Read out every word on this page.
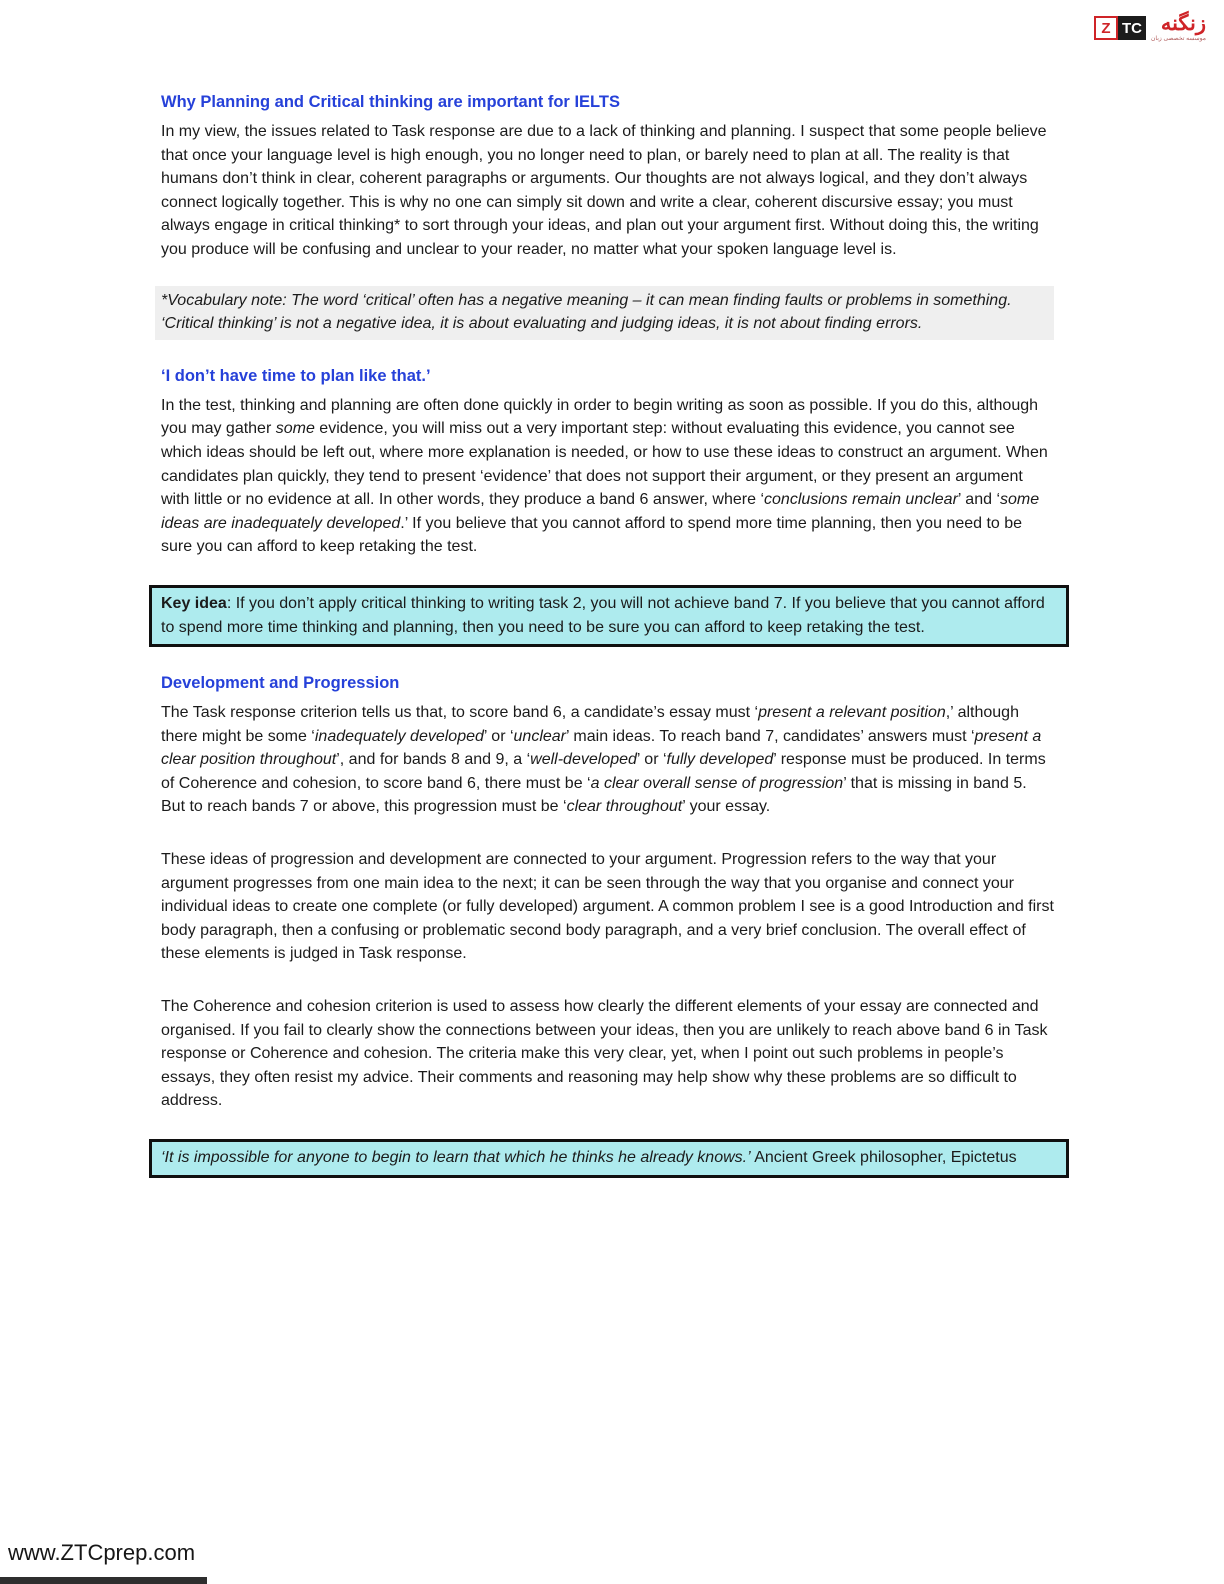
Z TC زنگنه
موسسه تخصصی زبان
Why Planning and Critical thinking are important for IELTS

In my view, the issues related to Task response are due to a lack of thinking and planning. I suspect that some people believe that once your language level is high enough, you no longer need to plan, or barely need to plan at all. The reality is that humans don’t think in clear, coherent paragraphs or arguments. Our thoughts are not always logical, and they don’t always connect logically together. This is why no one can simply sit down and write a clear, coherent discursive essay; you must always engage in critical thinking* to sort through your ideas, and plan out your argument first. Without doing this, the writing you produce will be confusing and unclear to your reader, no matter what your spoken language level is.

*Vocabulary note: The word ‘critical’ often has a negative meaning – it can mean finding faults or problems in something. ‘Critical thinking’ is not a negative idea, it is about evaluating and judging ideas, it is not about finding errors.
‘I don’t have time to plan like that.’

In the test, thinking and planning are often done quickly in order to begin writing as soon as possible. If you do this, although you may gather some evidence, you will miss out a very important step: without evaluating this evidence, you cannot see which ideas should be left out, where more explanation is needed, or how to use these ideas to construct an argument. When candidates plan quickly, they tend to present ‘evidence’ that does not support their argument, or they present an argument with little or no evidence at all. In other words, they produce a band 6 answer, where ‘conclusions remain unclear’ and ‘some ideas are inadequately developed.’ If you believe that you cannot afford to spend more time planning, then you need to be sure you can afford to keep retaking the test.

Key idea: If you don’t apply critical thinking to writing task 2, you will not achieve band 7. If you believe that you cannot afford to spend more time thinking and planning, then you need to be sure you can afford to keep retaking the test.
Development and Progression

The Task response criterion tells us that, to score band 6, a candidate’s essay must ‘present a relevant position,’ although there might be some ‘inadequately developed’ or ‘unclear’ main ideas. To reach band 7, candidates’ answers must ‘present a clear position throughout’, and for bands 8 and 9, a ‘well-developed’ or ‘fully developed’ response must be produced. In terms of Coherence and cohesion, to score band 6, there must be ‘a clear overall sense of progression’ that is missing in band 5. But to reach bands 7 or above, this progression must be ‘clear throughout’ your essay.

These ideas of progression and development are connected to your argument. Progression refers to the way that your argument progresses from one main idea to the next; it can be seen through the way that you organise and connect your individual ideas to create one complete (or fully developed) argument. A common problem I see is a good Introduction and first body paragraph, then a confusing or problematic second body paragraph, and a very brief conclusion. The overall effect of these elements is judged in Task response.

The Coherence and cohesion criterion is used to assess how clearly the different elements of your essay are connected and organised. If you fail to clearly show the connections between your ideas, then you are unlikely to reach above band 6 in Task response or Coherence and cohesion. The criteria make this very clear, yet, when I point out such problems in people’s essays, they often resist my advice. Their comments and reasoning may help show why these problems are so difficult to address.

‘It is impossible for anyone to begin to learn that which he thinks he already knows.’ Ancient Greek philosopher, Epictetus
www.ZTCprep.com
